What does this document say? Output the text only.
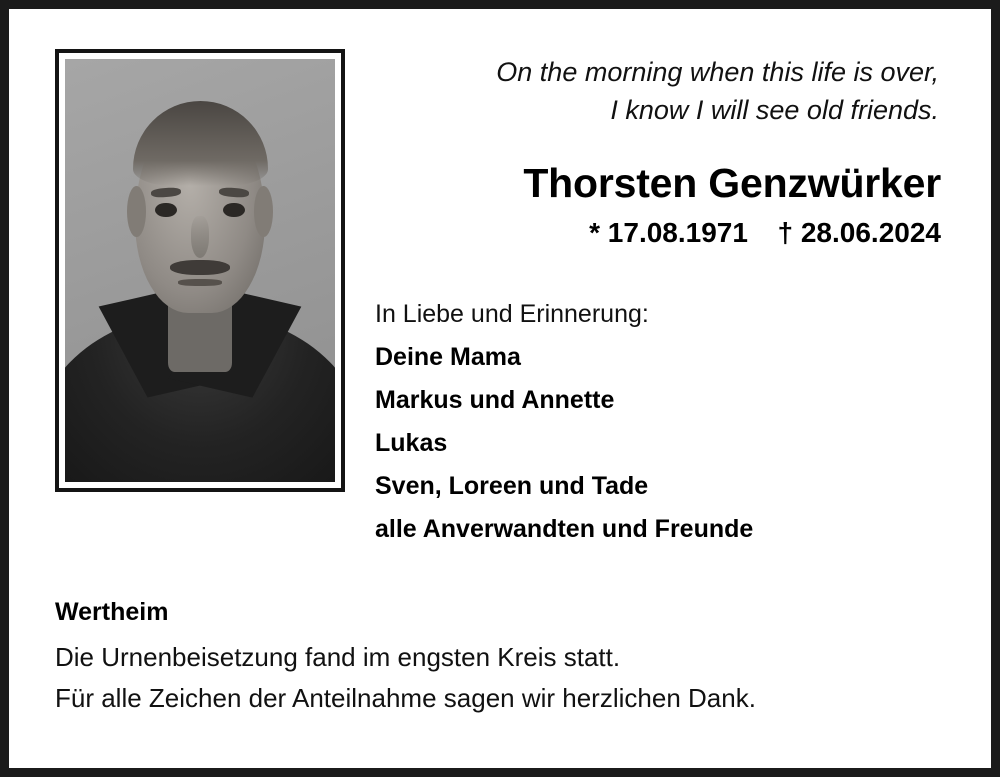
On the morning when this life is over,
I know I will see old friends.
Thorsten Genzwürker
* 17.08.1971 † 28.06.2024
In Liebe und Erinnerung:
Deine Mama
Markus und Annette
Lukas
Sven, Loreen und Tade
alle Anverwandten und Freunde
Wertheim
Die Urnenbeisetzung fand im engsten Kreis statt.
Für alle Zeichen der Anteilnahme sagen wir herzlichen Dank.
